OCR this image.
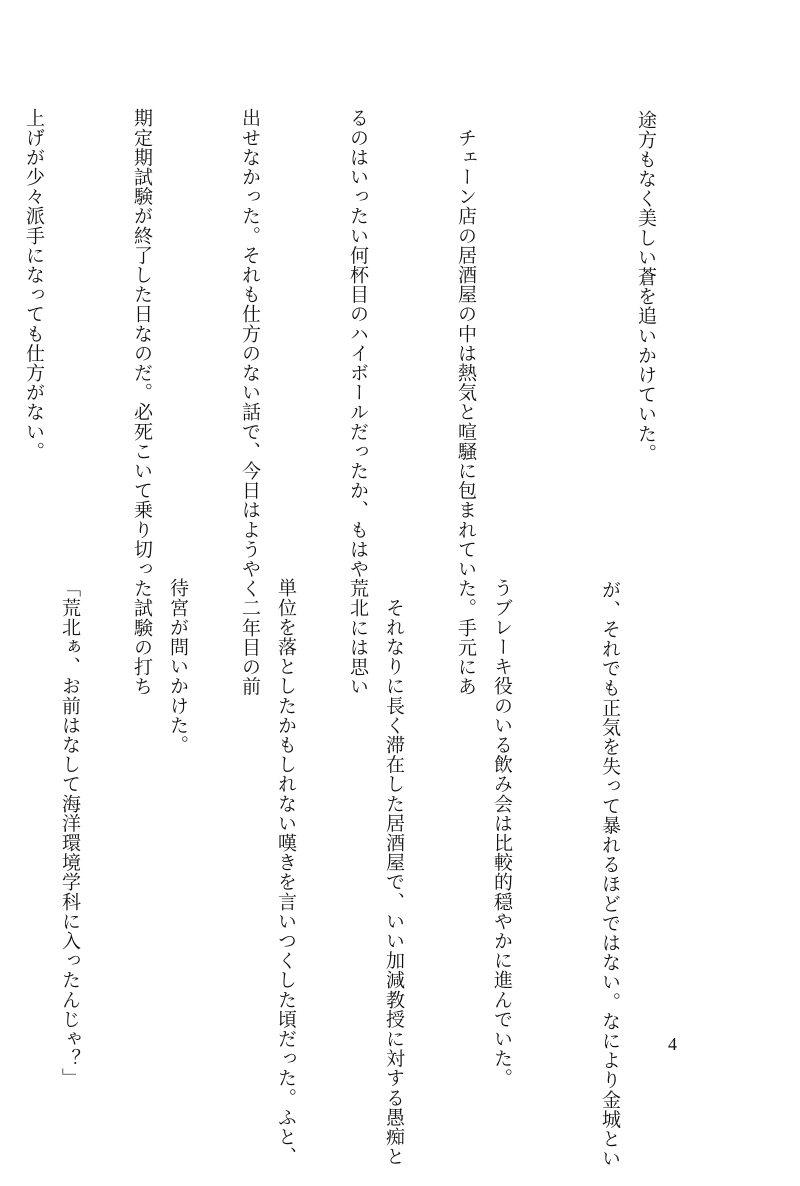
途方もなく美しい蒼を追いかけていた。

　チェーン店の居酒屋の中は熱気と喧騒に包まれていた。手元にあ

るのはいったい何杯目のハイボールだったか、もはや荒北には思い

出せなかった。それも仕方のない話で、今日はようやく二年目の前

期定期試験が終了した日なのだ。必死こいて乗り切った試験の打ち

上げが少々派手になっても仕方がない。

が、それでも正気を失って暴れるほどではない。なにより金城とい

うブレーキ役のいる飲み会は比較的穏やかに進んでいた。

　それなりに長く滞在した居酒屋で、いい加減教授に対する愚痴と

単位を落としたかもしれない嘆きを言いつくした頃だった。ふと、

待宮が問いかけた。

「荒北ぁ、お前はなして海洋環境学科に入ったんじゃ？」

	4
